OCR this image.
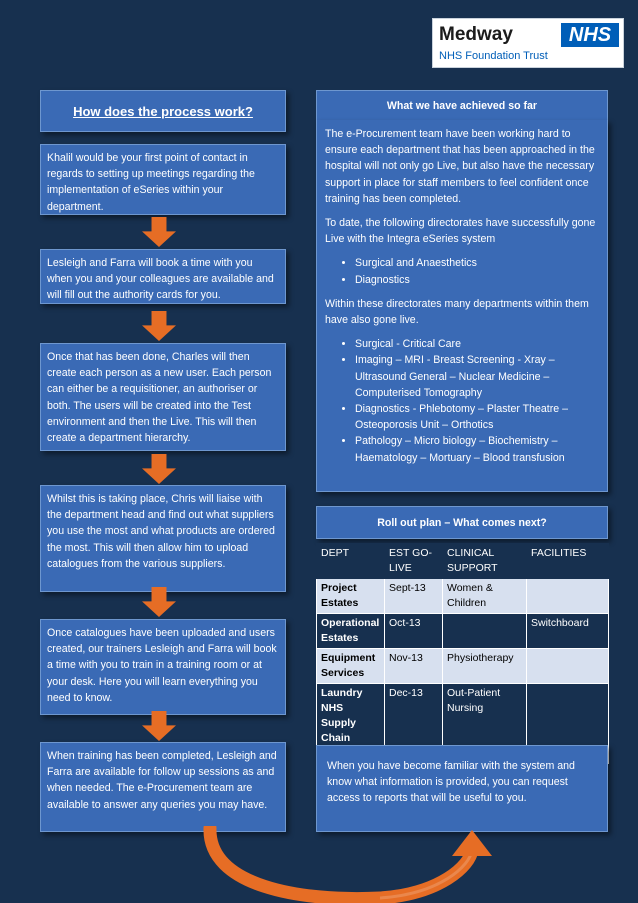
Medway	NHS
NHS Foundation Trust
How does the process work?
Khalil would be your first point of contact in regards to setting up meetings regarding the implementation of eSeries within your department.
Lesleigh and Farra will book a time with you when you and your colleagues are available and will fill out the authority cards for you.
Once that has been done, Charles will then create each person as a new user. Each person can either be a requisitioner, an authoriser or both. The users will be created into the Test environment and then the Live. This will then create a department hierarchy.
Whilst this is taking place, Chris will liaise with the department head and find out what suppliers you use the most and what products are ordered the most. This will then allow him to upload catalogues from the various suppliers.
Once catalogues have been uploaded and users created, our trainers Lesleigh and Farra will book a time with you to train in a training room or at your desk. Here you will learn everything you need to know.
When training has been completed, Lesleigh and Farra are available for follow up sessions as and when needed. The e-Procurement team are available to answer any queries you may have.
What we have achieved so far

The e-Procurement team have been working hard to ensure each department that has been approached in the hospital will not only go Live, but also have the necessary support in place for staff members to feel confident once training has been completed.

To date, the following directorates have successfully gone Live with the Integra eSeries system

• Surgical and Anaesthetics
• Diagnostics

Within these directorates many departments within them have also gone live.

• Surgical - Critical Care
• Imaging – MRI - Breast Screening - Xray – Ultrasound General – Nuclear Medicine – Computerised Tomography
• Diagnostics - Phlebotomy – Plaster Theatre – Osteoporosis Unit – Orthotics
• Pathology – Micro biology – Biochemistry – Haematology – Mortuary – Blood transfusion
Roll out plan – What comes next?
DEPT	EST GO-LIVE	CLINICAL SUPPORT	FACILITIES
Project Estates	Sept-13	Women & Children	
Operational Estates	Oct-13		Switchboard
Equipment Services	Nov-13	Physiotherapy	
Laundry NHS Supply Chain	Dec-13	Out-Patient Nursing	
When you have become familiar with the system and know what information is provided, you can request access to reports that will be useful to you.
